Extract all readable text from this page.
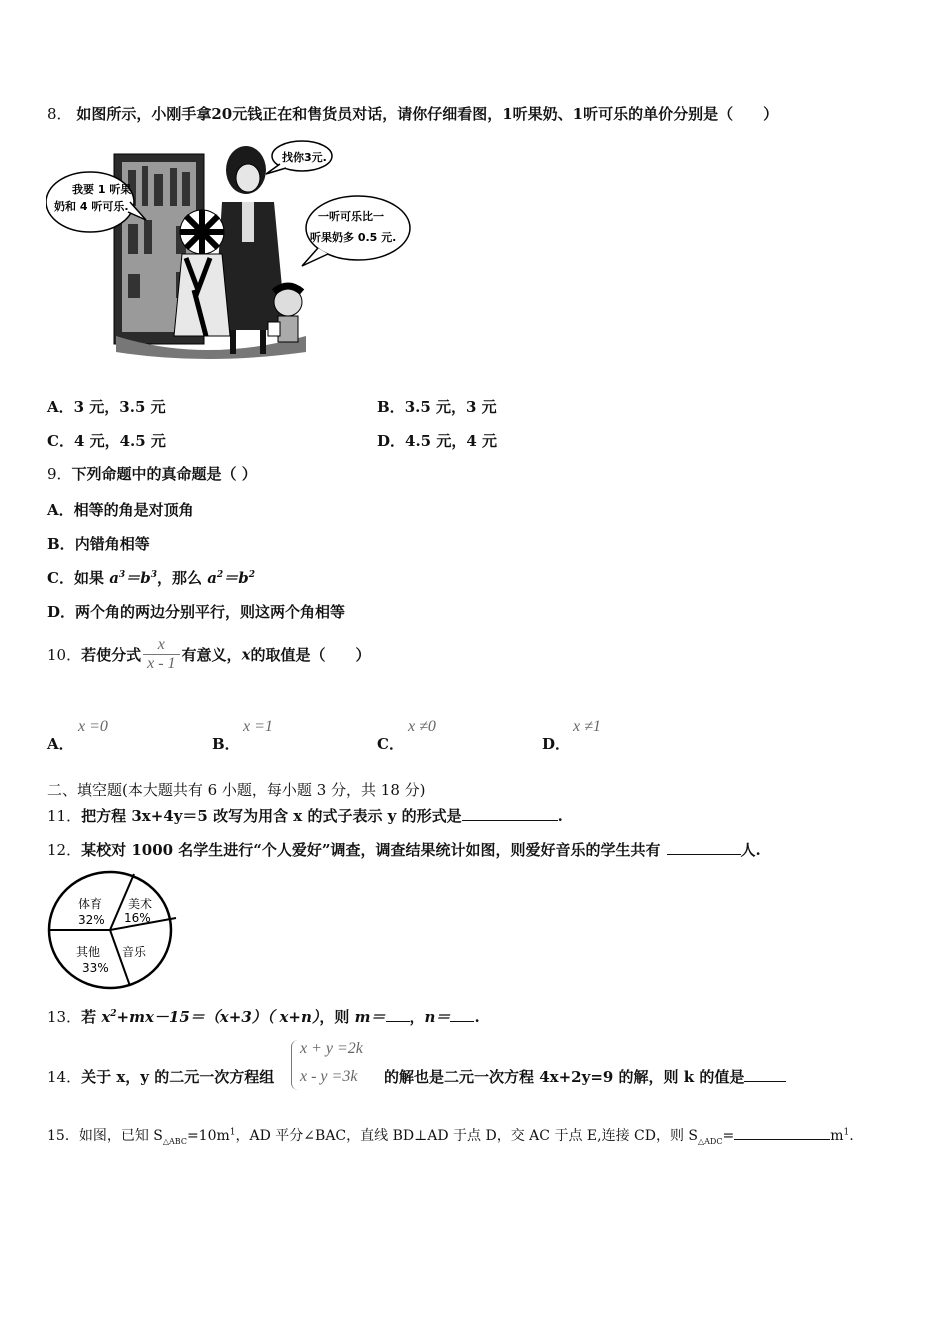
8． 如图所示，小刚手拿20元钱正在和售货员对话，请你仔细看图，1听果奶、1听可乐的单价分别是（　　）
我要 1 听果
奶和 4 听可乐.
找你3元.
一听可乐比一
听果奶多 0.5 元.
A．3 元，3.5 元	B．3.5 元，3 元
C．4 元，4.5 元	D．4.5 元，4 元
9．下列命题中的真命题是（ ）
A．相等的角是对顶角
B．内错角相等
C．如果 $a^3=b^3$，那么 $a^2=b^2$
D．两个角的两边分别平行，则这两个角相等
10．若使分式 $\frac{x}{x - 1}$ 有意义，x的取值是（　　）
A．
x =0
B．
x =1
C．
x ≠0
D．
x ≠1
二、填空题(本大题共有 6 小题，每小题 3 分，共 18 分)
11．把方程 3x+4y＝5 改写为用含 x 的式子表示 y 的形式是	.
12．某校对 1000 名学生进行“个人爱好”调查，调查结果统计如图，则爱好音乐的学生共有	人.
体育
32%
美术
16%
其他
33%
音乐
13．若 $x^2+mx-15=(x+3)$（ x+n），则 m＝ ，n＝ .
14．关于 x，y 的二元一次方程组
x + y =2k
x - y =3k 的解也是二元一次方程 4x+2y=9 的解，则 k 的值是
15．如图，已知 $S_{\triangle ABC}=10m^1$，AD 平分∠BAC，直线 BD⊥AD 于点 D，交 AC 于点 E,连接 CD，则 $S_{\triangle ADC}=$	$m^1$.
